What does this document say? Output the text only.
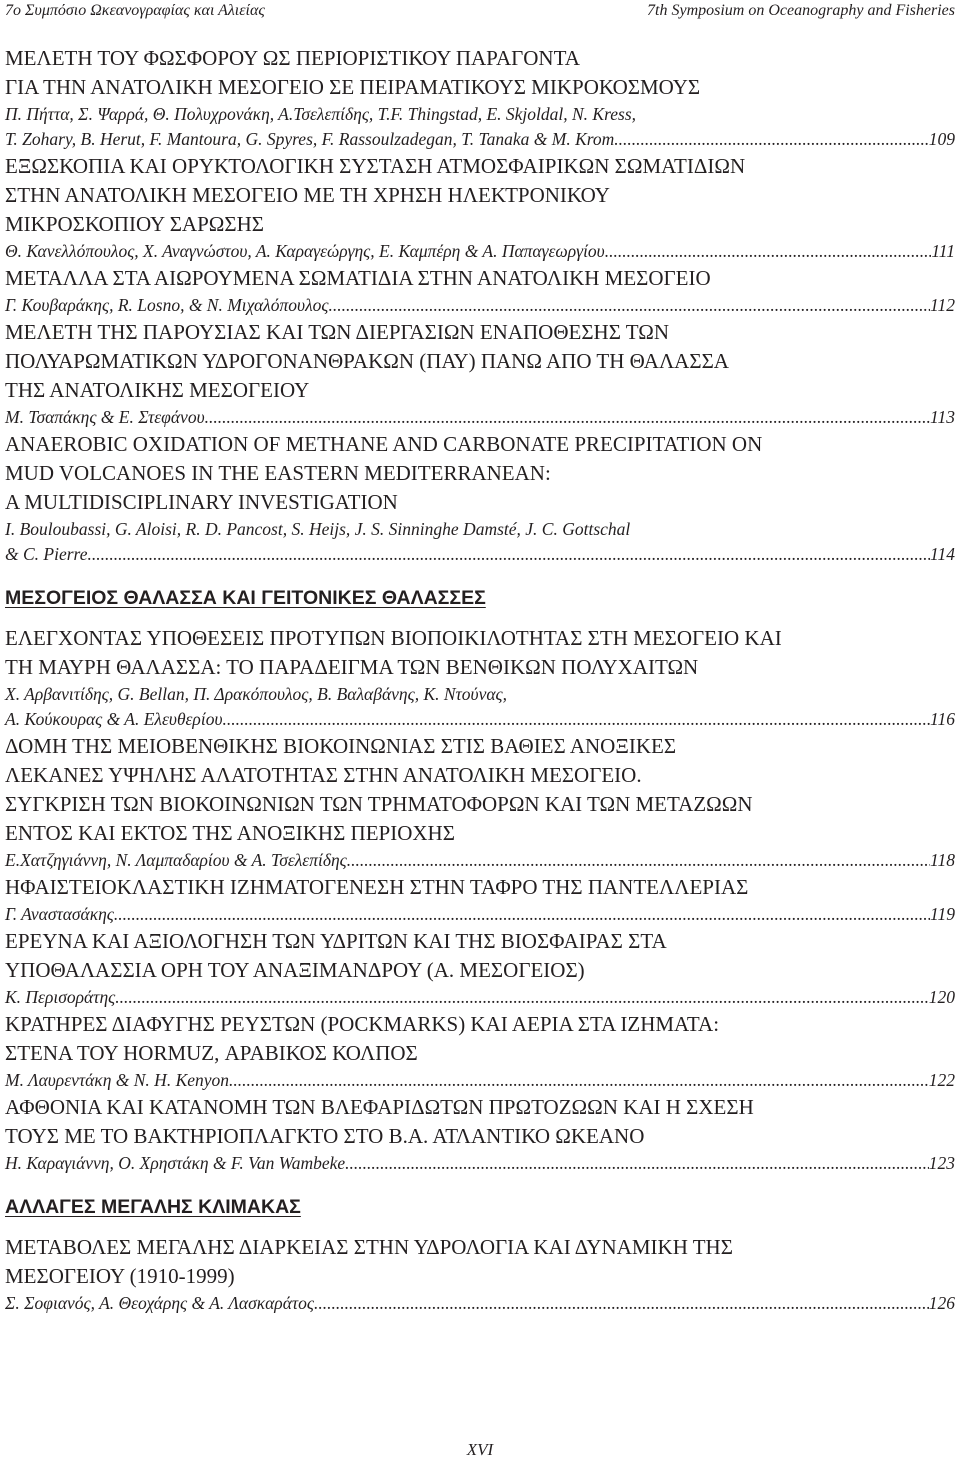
7ο Συμπόσιο Ωκεανογραφίας και Αλιείας	7th Symposium on Oceanography and Fisheries
ΜΕΛΕΤΗ ΤΟΥ ΦΩΣΦΟΡΟΥ ΩΣ ΠΕΡΙΟΡΙΣΤΙΚΟΥ ΠΑΡΑΓΟΝΤΑ
ΓΙΑ ΤΗΝ ΑΝΑΤΟΛΙΚΗ ΜΕΣΟΓΕΙΟ ΣΕ ΠΕΙΡΑΜΑΤΙΚΟΥΣ ΜΙΚΡΟΚΟΣΜΟΥΣ
Π. Πήττα, Σ. Ψαρρά, Θ. Πολυχρονάκη, Α.Τσελεπίδης, T.F. Thingstad, E. Skjoldal, N. Kress,
T. Zohary, B. Herut, F. Mantoura, G. Spyres, F. Rassoulzadegan, T. Tanaka & M. Krom .....	109
ΕΞΩΣΚΟΠΙΑ ΚΑΙ ΟΡΥΚΤΟΛΟΓΙΚΗ ΣΥΣΤΑΣΗ ΑΤΜΟΣΦΑΙΡΙΚΩΝ ΣΩΜΑΤΙΔΙΩΝ
ΣΤΗΝ ΑΝΑΤΟΛΙΚΗ ΜΕΣΟΓΕΙΟ ΜΕ ΤΗ ΧΡΗΣΗ ΗΛΕΚΤΡΟΝΙΚΟΥ
ΜΙΚΡΟΣΚΟΠΙΟΥ ΣΑΡΩΣΗΣ
Θ. Κανελλόπουλος, Χ. Αναγνώστου, Α. Καραγεώργης, Ε. Καμπέρη & Α. Παπαγεωργίου .....	111
ΜΕΤΑΛΛΑ ΣΤΑ ΑΙΩΡΟΥΜΕΝΑ ΣΩΜΑΤΙΔΙΑ ΣΤΗΝ ΑΝΑΤΟΛΙΚΗ ΜΕΣΟΓΕΙΟ
Γ. Κουβαράκης, R. Losno, & Ν. Μιχαλόπουλος .....	112
ΜΕΛΕΤΗ ΤΗΣ ΠΑΡΟΥΣΙΑΣ ΚΑΙ ΤΩΝ ΔΙΕΡΓΑΣΙΩΝ ΕΝΑΠΟΘΕΣΗΣ ΤΩΝ
ΠΟΛΥΑΡΩΜΑΤΙΚΩΝ ΥΔΡΟΓΟΝΑΝΘΡΑΚΩΝ (ΠΑΥ) ΠΑΝΩ ΑΠΟ ΤΗ ΘΑΛΑΣΣΑ
ΤΗΣ ΑΝΑΤΟΛΙΚΗΣ ΜΕΣΟΓΕΙΟΥ
Μ. Τσαπάκης & Ε. Στεφάνου .....	113
ANAEROBIC OXIDATION OF METHANE AND CARBONATE PRECIPITATION ON
MUD VOLCANOES IN THE EASTERN MEDITERRANEAN:
A MULTIDISCIPLINARY INVESTIGATION
I. Bouloubassi, G. Aloisi, R. D. Pancost, S. Heijs, J. S. Sinninghe Damsté, J. C. Gottschal
& C. Pierre .....	114
ΜΕΣΟΓΕΙΟΣ ΘΑΛΑΣΣΑ ΚΑΙ ΓΕΙΤΟΝΙΚΕΣ ΘΑΛΑΣΣΕΣ
ΕΛΕΓΧΟΝΤΑΣ ΥΠΟΘΕΣΕΙΣ ΠΡΟΤΥΠΩΝ ΒΙΟΠΟΙΚΙΛΟΤΗΤΑΣ ΣΤΗ ΜΕΣΟΓΕΙΟ ΚΑΙ
ΤΗ ΜΑΥΡΗ ΘΑΛΑΣΣΑ: ΤΟ ΠΑΡΑΔΕΙΓΜΑ ΤΩΝ ΒΕΝΘΙΚΩΝ ΠΟΛΥΧΑΙΤΩΝ
Χ. Αρβανιτίδης, G. Bellan, Π. Δρακόπουλος, Β. Βαλαβάνης, Κ. Ντούνας,
Α. Κούκουρας & Α. Ελευθερίου .....	116
ΔΟΜΗ ΤΗΣ ΜΕΙΟΒΕΝΘΙΚΗΣ ΒΙΟΚΟΙΝΩΝΙΑΣ ΣΤΙΣ ΒΑΘΙΕΣ ΑΝΟΞΙΚΕΣ
ΛΕΚΑΝΕΣ ΥΨΗΛΗΣ ΑΛΑΤΟΤΗΤΑΣ ΣΤΗΝ ΑΝΑΤΟΛΙΚΗ ΜΕΣΟΓΕΙΟ.
ΣΥΓΚΡΙΣΗ ΤΩΝ ΒΙΟΚΟΙΝΩΝΙΩΝ ΤΩΝ ΤΡΗΜΑΤΟΦΟΡΩΝ ΚΑΙ ΤΩΝ ΜΕΤΑΖΩΩΝ
ΕΝΤΟΣ ΚΑΙ ΕΚΤΟΣ ΤΗΣ ΑΝΟΞΙΚΗΣ ΠΕΡΙΟΧΗΣ
Ε.Χατζηγιάννη, Ν. Λαμπαδαρίου & Α. Τσελεπίδης .....	118
ΗΦΑΙΣΤΕΙΟΚΛΑΣΤΙΚΗ ΙΖΗΜΑΤΟΓΕΝΕΣΗ ΣΤΗΝ ΤΑΦΡΟ ΤΗΣ ΠΑΝΤΕΛΛΕΡΙΑΣ
Γ. Αναστασάκης .....	119
ΕΡΕΥΝΑ ΚΑΙ ΑΞΙΟΛΟΓΗΣΗ ΤΩΝ ΥΔΡΙΤΩΝ ΚΑΙ ΤΗΣ ΒΙΟΣΦΑΙΡΑΣ ΣΤΑ
ΥΠΟΘΑΛΑΣΣΙΑ ΟΡΗ ΤΟΥ ΑΝΑΞΙΜΑΝΔΡΟΥ (Α. ΜΕΣΟΓΕΙΟΣ)
Κ. Περισοράτης .....	120
ΚΡΑΤΗΡΕΣ ΔΙΑΦΥΓΗΣ ΡΕΥΣΤΩΝ (POCKMARKS) ΚΑΙ ΑΕΡΙΑ ΣΤΑ ΙΖΗΜΑΤΑ:
ΣΤΕΝΑ ΤΟΥ HORMUZ, ΑΡΑΒΙΚΟΣ ΚΟΛΠΟΣ
Μ. Λαυρεντάκη & N. H. Kenyon .....	122
ΑΦΘΟΝΙΑ ΚΑΙ ΚΑΤΑΝΟΜΗ ΤΩΝ ΒΛΕΦΑΡΙΔΩΤΩΝ ΠΡΩΤΟΖΩΩΝ ΚΑΙ Η ΣΧΕΣΗ
ΤΟΥΣ ΜΕ ΤΟ ΒΑΚΤΗΡΙΟΠΛΑΓΚΤΟ ΣΤΟ Β.Α. ΑΤΛΑΝΤΙΚΟ ΩΚΕΑΝΟ
Η. Καραγιάννη, Ο. Χρηστάκη & F. Van Wambeke .....	123
ΑΛΛΑΓΕΣ ΜΕΓΑΛΗΣ ΚΛΙΜΑΚΑΣ
ΜΕΤΑΒΟΛΕΣ ΜΕΓΑΛΗΣ ΔΙΑΡΚΕΙΑΣ ΣΤΗΝ ΥΔΡΟΛΟΓΙΑ ΚΑΙ ΔΥΝΑΜΙΚΗ ΤΗΣ
ΜΕΣΟΓΕΙΟΥ (1910-1999)
Σ. Σοφιανός, Α. Θεοχάρης & Α. Λασκαράτος .....	126
XVI
